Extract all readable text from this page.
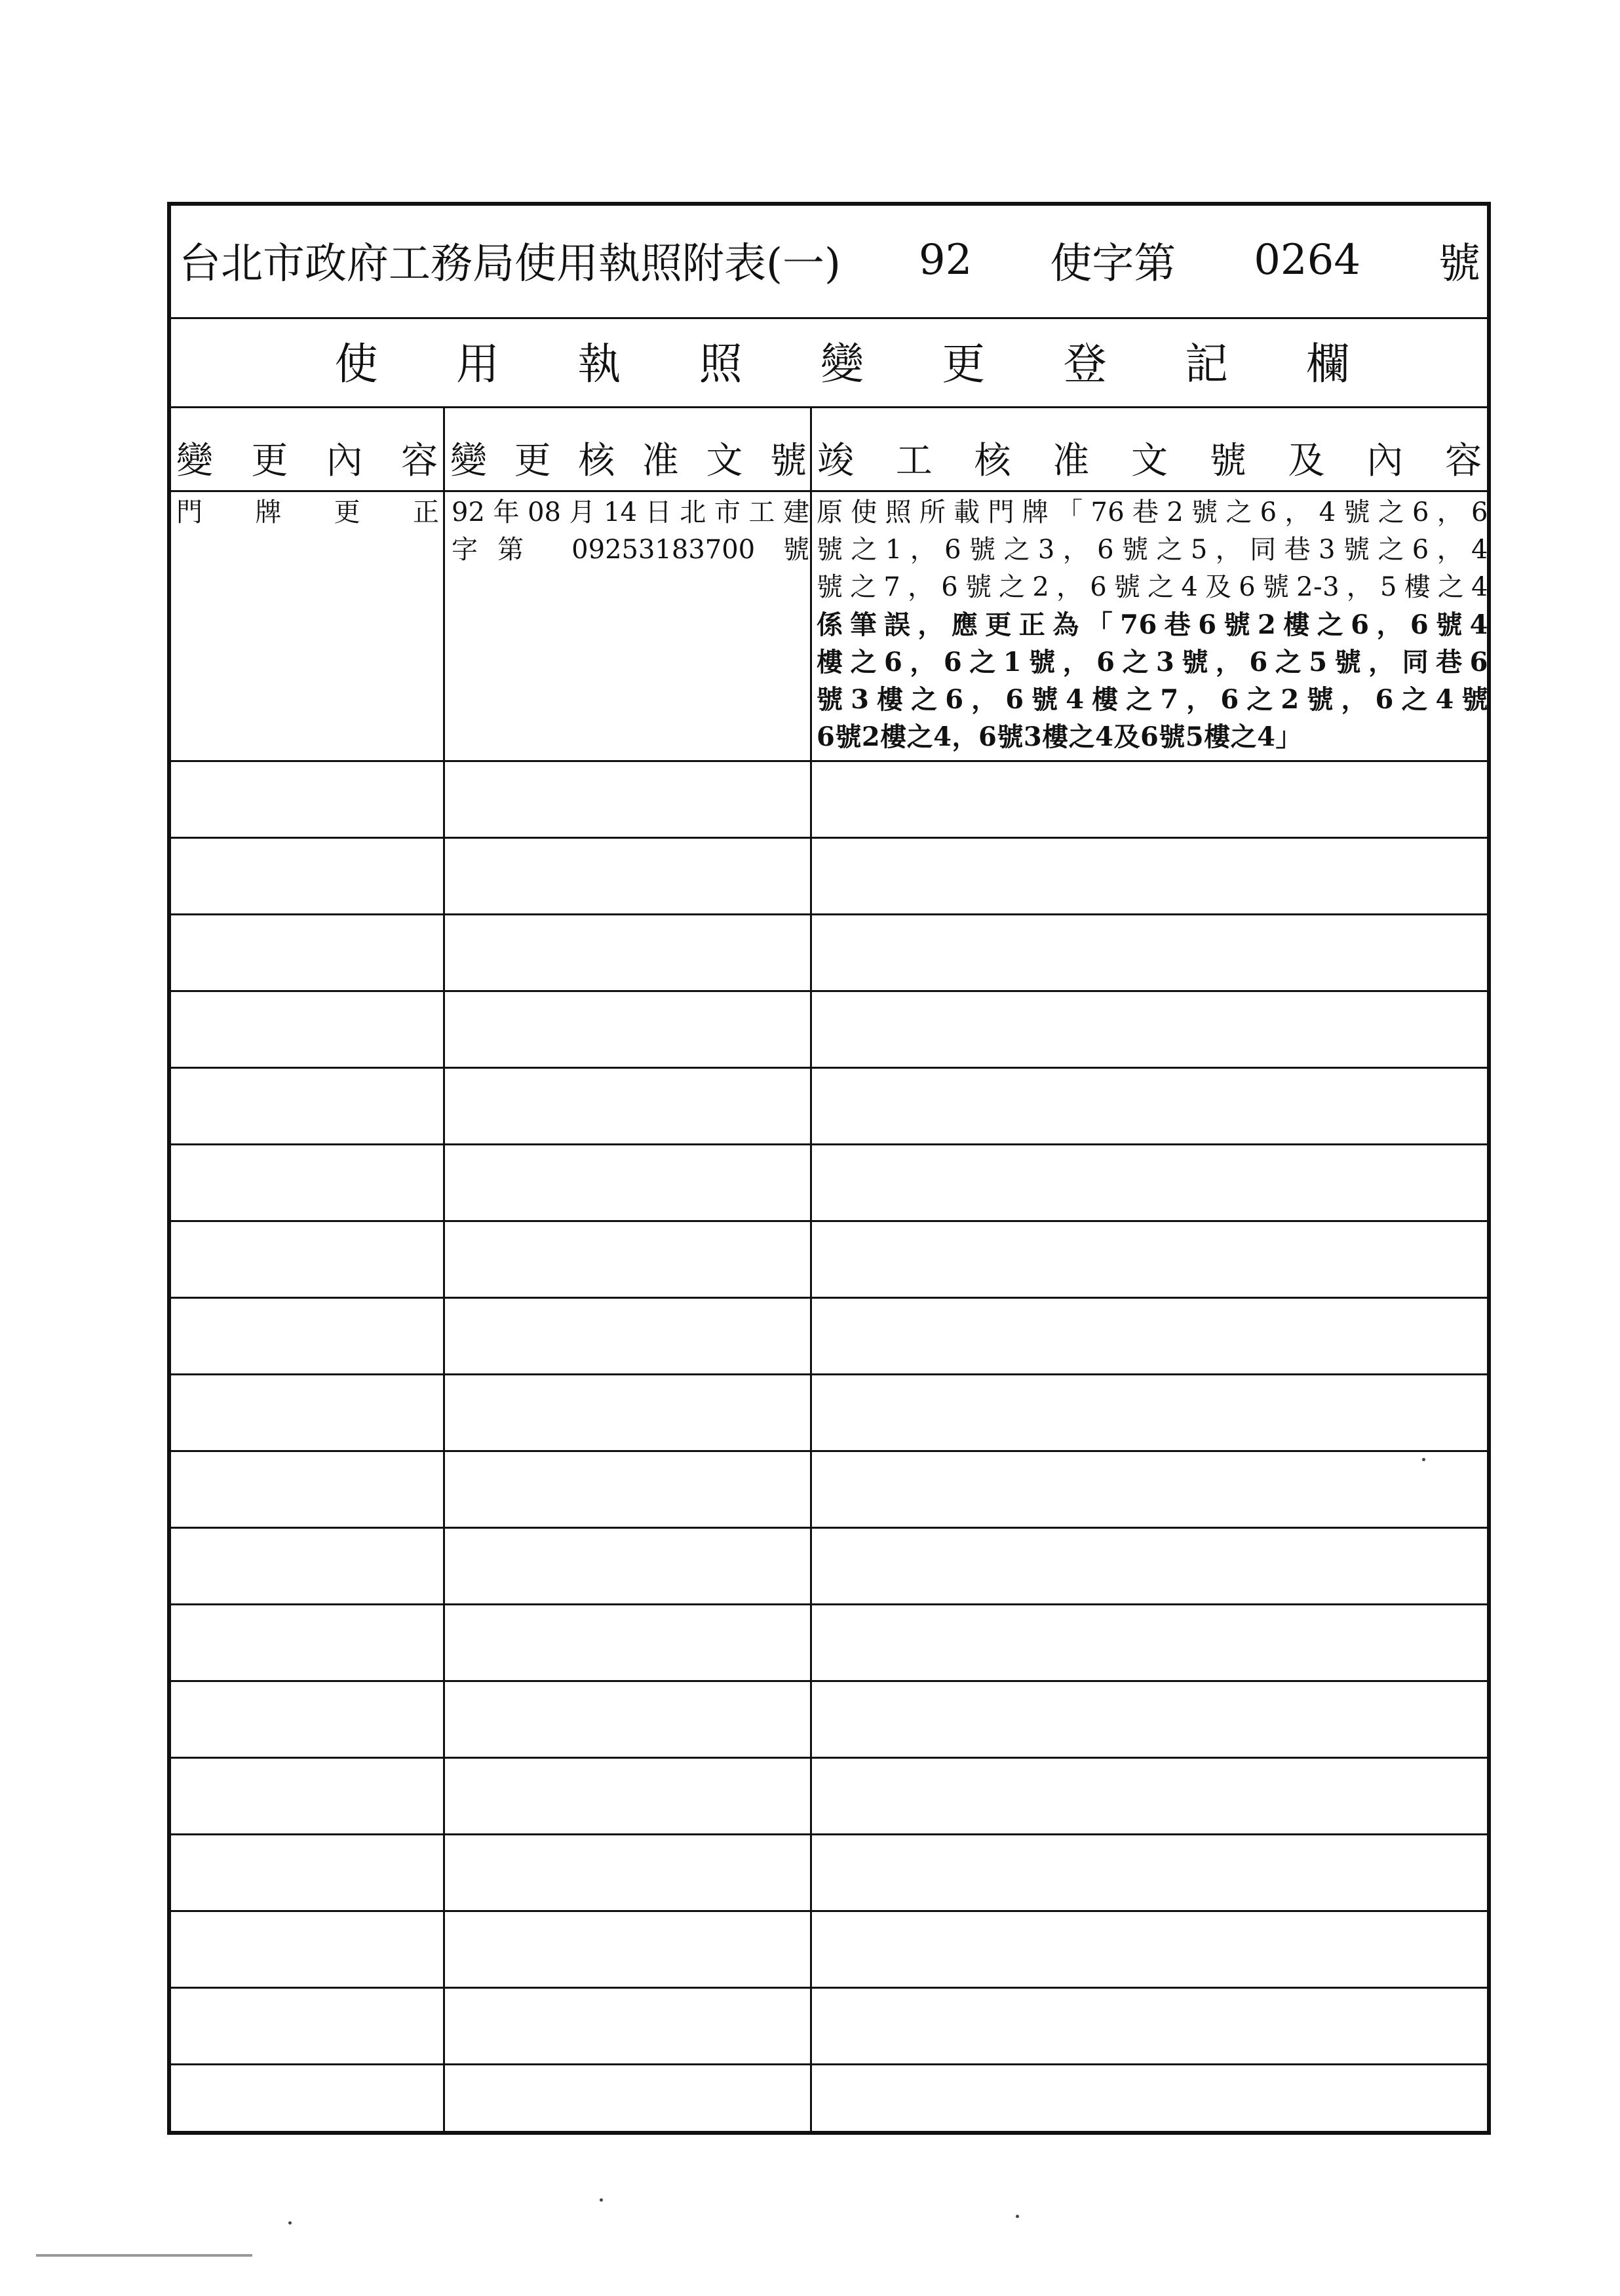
台北市政府工務局使用執照附表(一) 92 使字第 0264 號
使 用 執 照 變 更 登 記 欄
變 更 內 容 變 更 核 准 文 號 竣 工 核 准 文 號 及 內 容
門 牌 更 正 92年08月14日北市工建
字第 09253183700 號
原使照所載門牌「76巷2號之6，4號之6，6
號之1，6號之3，6號之5，同巷3號之6，4
號之7，6號之2，6號之4及6號2-3，5樓之4
係筆誤，應更正為「76巷6號2樓之6，6號4
樓之6，6之1號，6之3號，6之5號，同巷6
號3樓之6，6號4樓之7，6之2號，6之4號
6號2樓之4，6號3樓之4及6號5樓之4」
